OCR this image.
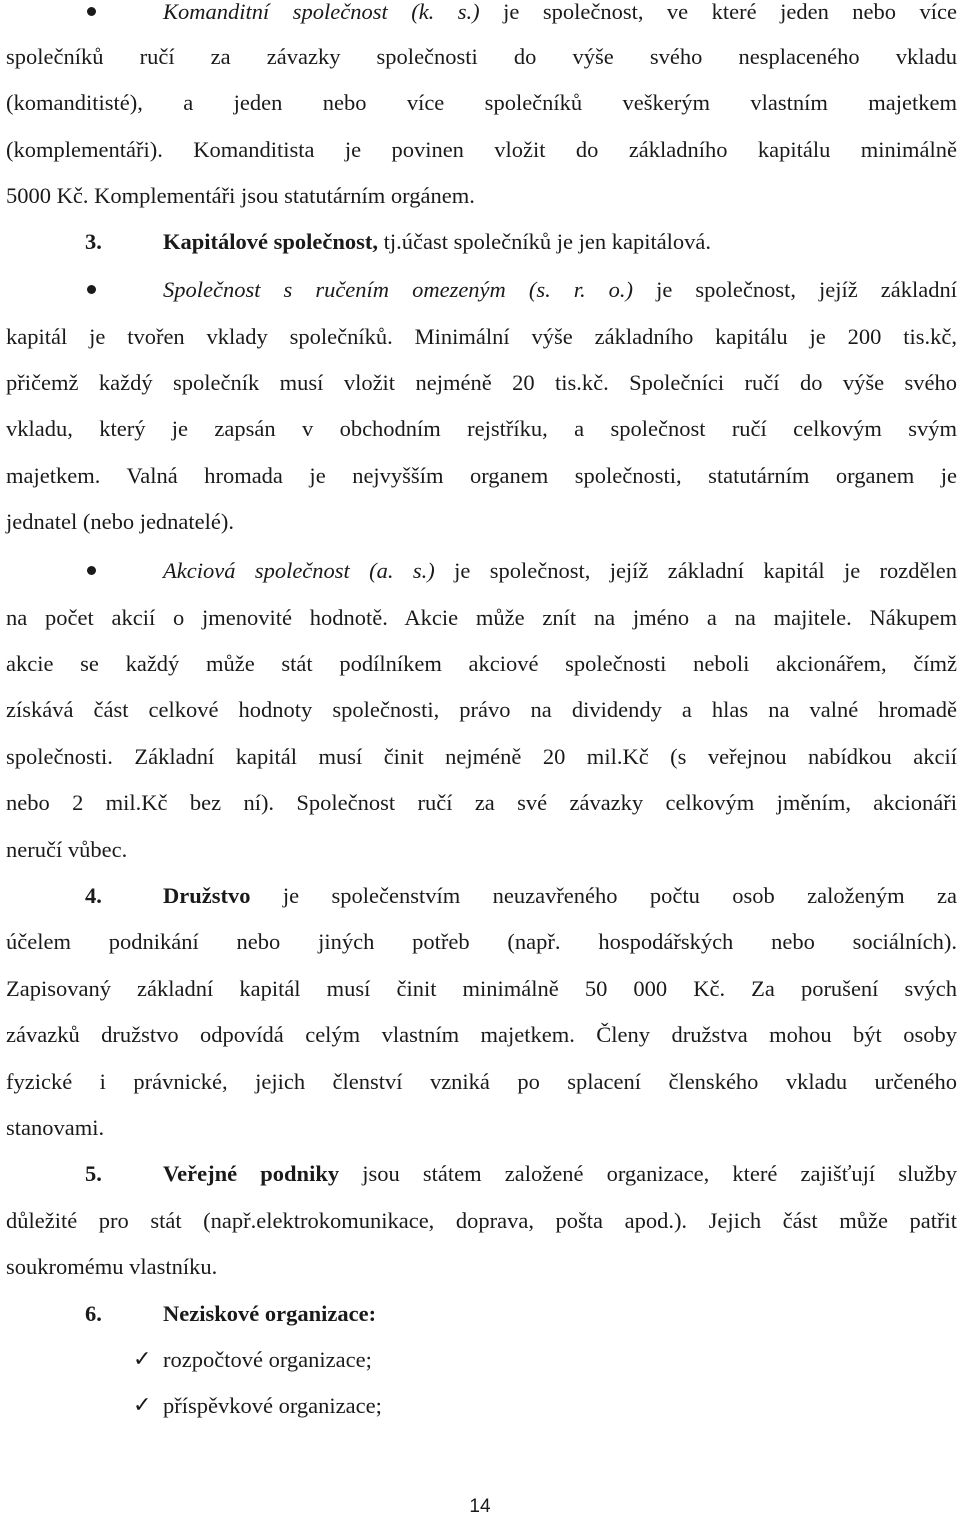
Komanditní společnost (k. s.) je společnost, ve které jeden nebo více
společníků ručí za závazky společnosti do výše svého nesplaceného vkladu
(komanditisté), a jeden nebo více společníků veškerým vlastním majetkem
(komplementáři). Komanditista je povinen vložit do základního kapitálu minimálně
5000 Kč. Komplementáři jsou statutárním orgánem.
3.	Kapitálové společnost, tj.účast společníků je jen kapitálová.
Společnost s ručením omezeným (s. r. o.) je společnost, jejíž základní
kapitál je tvořen vklady společníků. Minimální výše základního kapitálu je 200 tis.kč,
přičemž každý společník musí vložit nejméně 20 tis.kč. Společníci ručí do výše svého
vkladu, který je zapsán v obchodním rejstříku, a společnost ručí celkovým svým
majetkem. Valná hromada je nejvyšším organem společnosti, statutárním organem je
jednatel (nebo jednatelé).
Akciová společnost (a. s.) je společnost, jejíž základní kapitál je rozdělen
na počet akcií o jmenovité hodnotě. Akcie může znít na jméno a na majitele. Nákupem
akcie se každý může stát podílníkem akciové společnosti neboli akcionářem, čímž
získává část celkové hodnoty společnosti, právo na dividendy a hlas na valné hromadě
společnosti. Základní kapitál musí činit nejméně 20 mil.Kč (s veřejnou nabídkou akcií
nebo 2 mil.Kč bez ní). Společnost ručí za své závazky celkovým jměním, akcionáři
neručí vůbec.
4.	Družstvo je společenstvím neuzavřeného počtu osob založeným za
účelem podnikání nebo jiných potřeb (např. hospodářských nebo sociálních).
Zapisovaný základní kapitál musí činit minimálně 50 000 Kč. Za porušení svých
závazků družstvo odpovídá celým vlastním majetkem. Členy družstva mohou být osoby
fyzické i právnické, jejich členství vzniká po splacení členského vkladu určeného
stanovami.
5.	Veřejné podniky jsou státem založené organizace, které zajišťují služby
důležité pro stát (např.elektrokomunikace, doprava, pošta apod.). Jejich část může patřit
soukromému vlastníku.
6.	Neziskové organizace:
✓ rozpočtové organizace;
✓ příspěvkové organizace;
14
